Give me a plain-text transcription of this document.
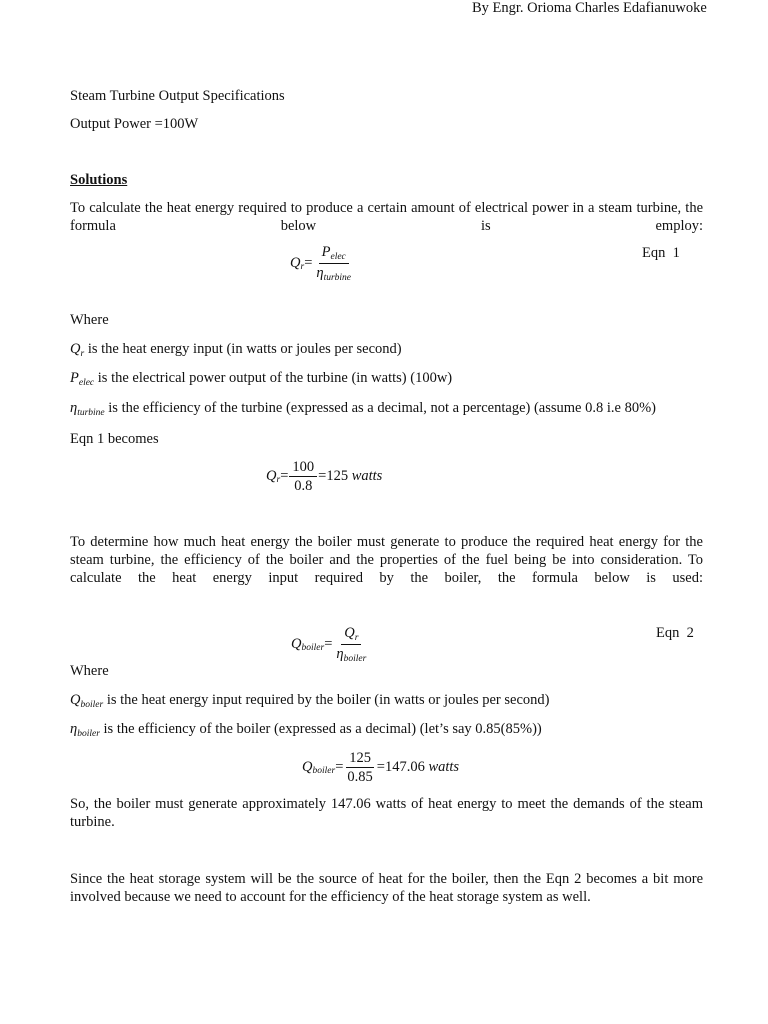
By Engr. Orioma Charles Edafianuwoke
Steam Turbine Output Specifications
Output Power =100W
Solutions
To calculate the heat energy required to produce a certain amount of electrical power in a steam turbine, the formula below is employ:
Q $r = \frac{P_{elec}}{\eta_{turbine}}$	Eqn  1
Where
$Q_r$ is the heat energy input (in watts or joules per second)
$P_{elec}$ is the electrical power output of the turbine (in watts) (100w)
$\eta_{turbine}$ is the efficiency of the turbine (expressed as a decimal, not a percentage) (assume 0.8 i.e 80%)
Eqn 1 becomes
Q $r = \frac{100}{0.8} = 125$
watts
To determine how much heat energy the boiler must generate to produce the required heat energy for the steam turbine, the efficiency of the boiler and the properties of the fuel being be into consideration. To calculate the heat energy input required by the boiler, the formula below is used:
Q boiler = $\frac{Q_r}{\eta_{boiler}}$	Eqn  2
Where
$Q_{boiler}$ is the heat energy input required by the boiler (in watts or joules per second)
$\eta_{boiler}$ is the efficiency of the boiler (expressed as a decimal) (let’s say 0.85(85%))
Q boiler = $\frac{125}{0.85} = 147.06$
watts
So, the boiler must generate approximately 147.06 watts of heat energy to meet the demands of the steam turbine.
Since the heat storage system will be the source of heat for the boiler, then the Eqn 2 becomes a bit more involved because we need to account for the efficiency of the heat storage system as well.
